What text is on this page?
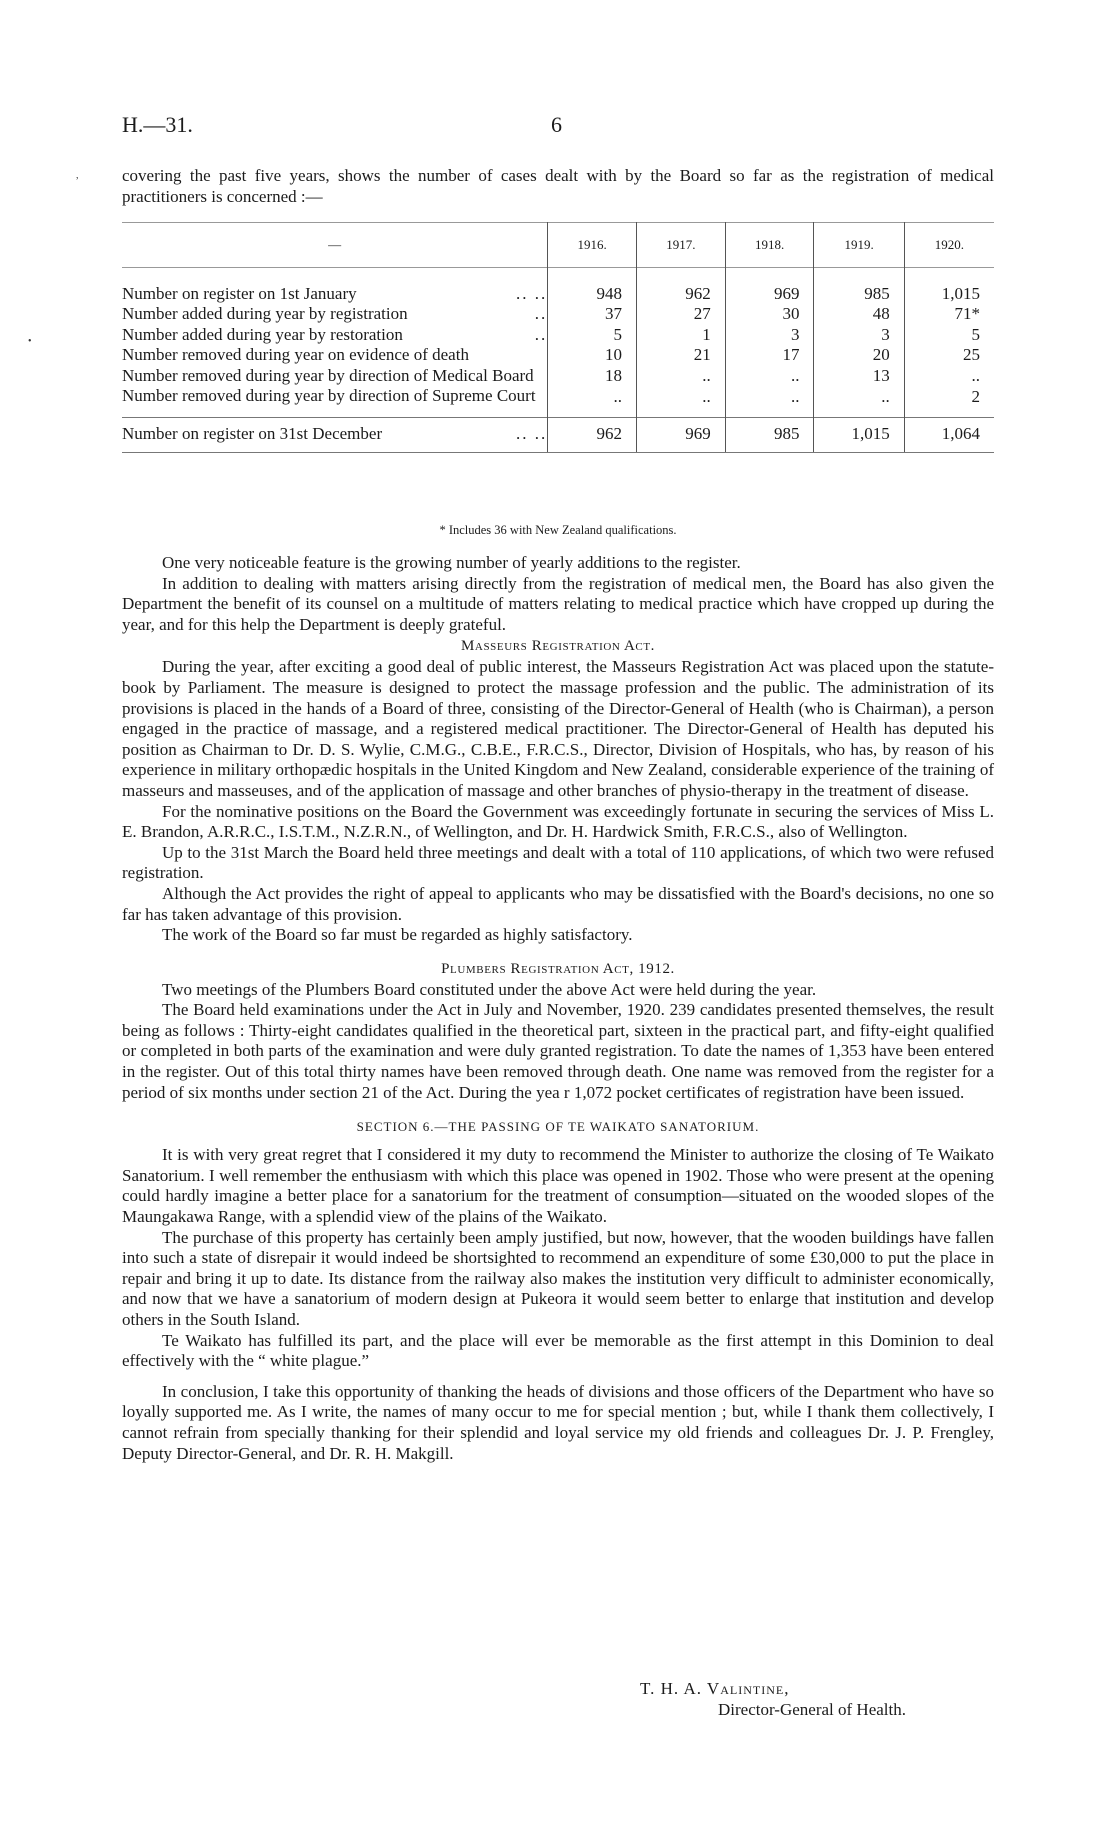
H.—31.	6

covering the past five years, shows the number of cases dealt with by the Board so far as the registration of medical practitioners is concerned :—

—	1916.	1917.	1918.	1919.	1920.

Number on register on 1st January .. ..	948	962	969	985	1,015
Number added during year by registration ..	37	27	30	48	71*
Number added during year by restoration ..	5	1	3	3	5
Number removed during year on evidence of death	10	21	17	20	25
Number removed during year by direction of Medical Board	18	..	..	13	..
Number removed during year by direction of Supreme Court	..	..	..	..	2

Number on register on 31st December .. ..	962	969	985	1,015	1,064
* Includes 36 with New Zealand qualifications.

One very noticeable feature is the growing number of yearly additions to the register.

In addition to dealing with matters arising directly from the registration of medical men, the Board has also given the Department the benefit of its counsel on a multitude of matters relating to medical practice which have cropped up during the year, and for this help the Department is deeply grateful.

Masseurs Registration Act.

During the year, after exciting a good deal of public interest, the Masseurs Registration Act was placed upon the statute-book by Parliament. The measure is designed to protect the massage profession and the public. The administration of its provisions is placed in the hands of a Board of three, consisting of the Director-General of Health (who is Chairman), a person engaged in the practice of massage, and a registered medical practitioner. The Director-General of Health has deputed his position as Chairman to Dr. D. S. Wylie, C.M.G., C.B.E., F.R.C.S., Director, Division of Hospitals, who has, by reason of his experience in military orthopædic hospitals in the United Kingdom and New Zealand, considerable experience of the training of masseurs and masseuses, and of the application of massage and other branches of physio-therapy in the treatment of disease.

For the nominative positions on the Board the Government was exceedingly fortunate in securing the services of Miss L. E. Brandon, A.R.R.C., I.S.T.M., N.Z.R.N., of Wellington, and Dr. H. Hardwick Smith, F.R.C.S., also of Wellington.

Up to the 31st March the Board held three meetings and dealt with a total of 110 applications, of which two were refused registration.

Although the Act provides the right of appeal to applicants who may be dissatisfied with the Board's decisions, no one so far has taken advantage of this provision.

The work of the Board so far must be regarded as highly satisfactory.

Plumbers Registration Act, 1912.

Two meetings of the Plumbers Board constituted under the above Act were held during the year.

The Board held examinations under the Act in July and November, 1920. 239 candidates presented themselves, the result being as follows : Thirty-eight candidates qualified in the theoretical part, sixteen in the practical part, and fifty-eight qualified or completed in both parts of the examination and were duly granted registration. To date the names of 1,353 have been entered in the register. Out of this total thirty names have been removed through death. One name was removed from the register for a period of six months under section 21 of the Act. During the yea r 1,072 pocket certificates of registration have been issued.

SECTION 6.—THE PASSING OF TE WAIKATO SANATORIUM.

It is with very great regret that I considered it my duty to recommend the Minister to authorize the closing of Te Waikato Sanatorium. I well remember the enthusiasm with which this place was opened in 1902. Those who were present at the opening could hardly imagine a better place for a sanatorium for the treatment of consumption—situated on the wooded slopes of the Maungakawa Range, with a splendid view of the plains of the Waikato.

The purchase of this property has certainly been amply justified, but now, however, that the wooden buildings have fallen into such a state of disrepair it would indeed be shortsighted to recommend an expenditure of some £30,000 to put the place in repair and bring it up to date. Its distance from the railway also makes the institution very difficult to administer economically, and now that we have a sanatorium of modern design at Pukeora it would seem better to enlarge that institution and develop others in the South Island.

Te Waikato has fulfilled its part, and the place will ever be memorable as the first attempt in this Dominion to deal effectively with the “ white plague.”

In conclusion, I take this opportunity of thanking the heads of divisions and those officers of the Department who have so loyally supported me. As I write, the names of many occur to me for special mention ; but, while I thank them collectively, I cannot refrain from specially thanking for their splendid and loyal service my old friends and colleagues Dr. J. P. Frengley, Deputy Director-General, and Dr. R. H. Makgill.

T. H. A. Valintine,
Director-General of Health.
,
•
